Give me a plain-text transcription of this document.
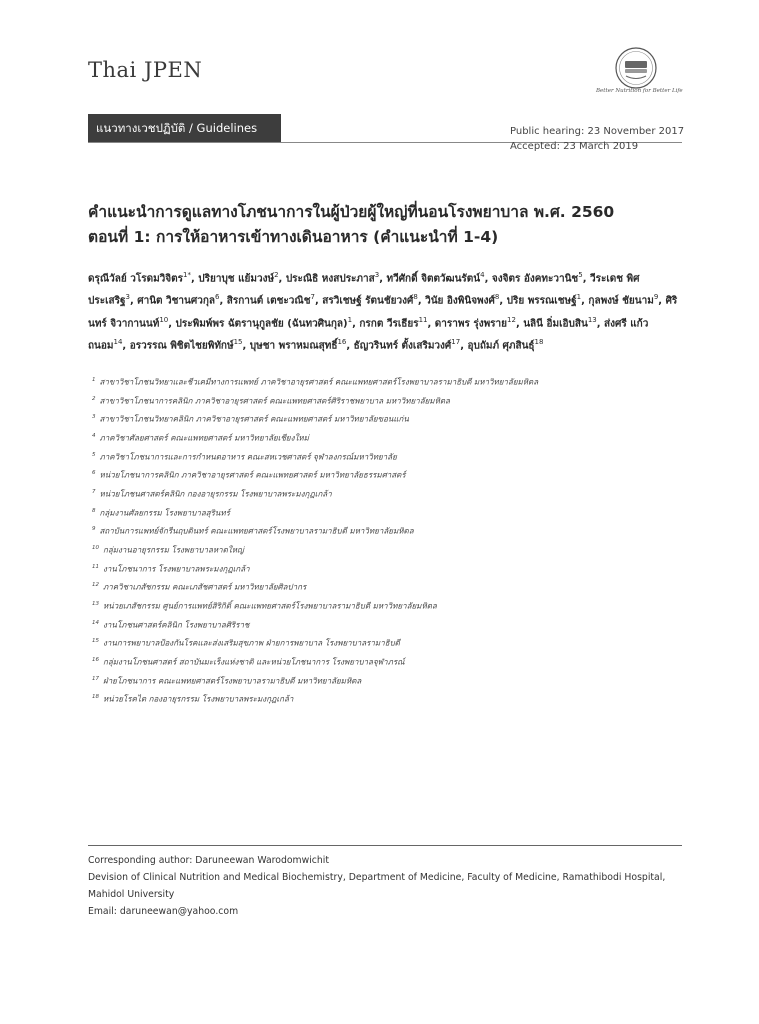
Thai JPEN
Better Nutrition for Better Life
แนวทางเวชปฏิบัติ / Guidelines	Public hearing: 23 November 2017
Accepted: 23 March 2019
คำแนะนำการดูแลทางโภชนาการในผู้ป่วยผู้ใหญ่ที่นอนโรงพยาบาล พ.ศ. 2560
ตอนที่ 1: การให้อาหารเข้าทางเดินอาหาร (คำแนะนำที่ 1-4)

ดรุณีวัลย์ วโรดมวิจิตร$^{1*}$, ปริยาบุช แย้มวงษ์$^2$, ประณิธิ หงสประภาส$^3$, ทวีศักดิ์ จิตตวัฒนรัตน์$^4$, จงจิตร อังคทะวานิช$^5$, วีระเดช พิศประเสริฐ$^3$, ศานิต วิชานศวกุล$^6$, สิรกานต์ เตชะวณิช$^7$, สรวิเชษฐ์ รัตนชัยวงศ์$^8$, วินัย อิงพินิจพงศ์$^8$, ปริย พรรณเชษฐ์$^1$, กุลพงษ์ ชัยนาม$^9$, ศิรินทร์ จิวากานนท์$^{10}$, ประพิมพ์พร ฉัตรานุกูลชัย (ฉันทวศินกุล)$^1$, กรกต วีรเธียร$^{11}$, ดาราพร รุ่งพราย$^{12}$, นลินี อิ่มเอิบสิน$^{13}$, ส่งศรี แก้วถนอม$^{14}$, อรวรรณ พิชิตไชยพิทักษ์$^{15}$, บุษชา พราหมณสุทธิ์$^{16}$, ธัญวรินทร์ ตั้งเสริมวงศ์$^{17}$, อุบถัมภ์ ศุภสินธุ์$^{18}$

$^1$ สาขาวิชาโภชนวิทยาและชีวเคมีทางการแพทย์ ภาควิชาอายุรศาสตร์ คณะแพทยศาสตร์โรงพยาบาลรามาธิบดี มหาวิทยาลัยมหิดล
$^2$ สาขาวิชาโภชนาการคลินิก ภาควิชาอายุรศาสตร์ คณะแพทยศาสตร์ศิริราชพยาบาล มหาวิทยาลัยมหิดล
$^3$ สาขาวิชาโภชนวิทยาคลินิก ภาควิชาอายุรศาสตร์ คณะแพทยศาสตร์ มหาวิทยาลัยขอนแก่น
$^4$ ภาควิชาศัลยศาสตร์ คณะแพทยศาสตร์ มหาวิทยาลัยเชียงใหม่
$^5$ ภาควิชาโภชนาการและการกำหนดอาหาร คณะสหเวชศาสตร์ จุฬาลงกรณ์มหาวิทยาลัย
$^6$ หน่วยโภชนาการคลินิก ภาควิชาอายุรศาสตร์ คณะแพทยศาสตร์ มหาวิทยาลัยธรรมศาสตร์
$^7$ หน่วยโภชนศาสตร์คลินิก กองอายุรกรรม โรงพยาบาลพระมงกุฎเกล้า
$^8$ กลุ่มงานศัลยกรรม โรงพยาบาลสุรินทร์
$^9$ สถาบันการแพทย์จักรีนฤบดินทร์ คณะแพทยศาสตร์โรงพยาบาลรามาธิบดี มหาวิทยาลัยมหิดล
$^{10}$ กลุ่มงานอายุรกรรม โรงพยาบาลหาดใหญ่
$^{11}$ งานโภชนาการ โรงพยาบาลพระมงกุฎเกล้า
$^{12}$ ภาควิชาเภสัชกรรม คณะเภสัชศาสตร์ มหาวิทยาลัยศิลปากร
$^{13}$ หน่วยเภสัชกรรม ศูนย์การแพทย์สิริกิติ์ คณะแพทยศาสตร์โรงพยาบาลรามาธิบดี มหาวิทยาลัยมหิดล
$^{14}$ งานโภชนศาสตร์คลินิก โรงพยาบาลศิริราช
$^{15}$ งานการพยาบาลป้องกันโรคและส่งเสริมสุขภาพ ฝ่ายการพยาบาล โรงพยาบาลรามาธิบดี
$^{16}$ กลุ่มงานโภชนศาสตร์ สถาบันมะเร็งแห่งชาติ และหน่วยโภชนาการ โรงพยาบาลจุฬาภรณ์
$^{17}$ ฝ่ายโภชนาการ คณะแพทยศาสตร์โรงพยาบาลรามาธิบดี มหาวิทยาลัยมหิดล
$^{18}$ หน่วยโรคไต กองอายุรกรรม โรงพยาบาลพระมงกุฎเกล้า
Corresponding author: Daruneewan Warodomwichit
Devision of Clinical Nutrition and Medical Biochemistry, Department of Medicine, Faculty of Medicine, Ramathibodi Hospital,
Mahidol University
Email: daruneewan@yahoo.com
